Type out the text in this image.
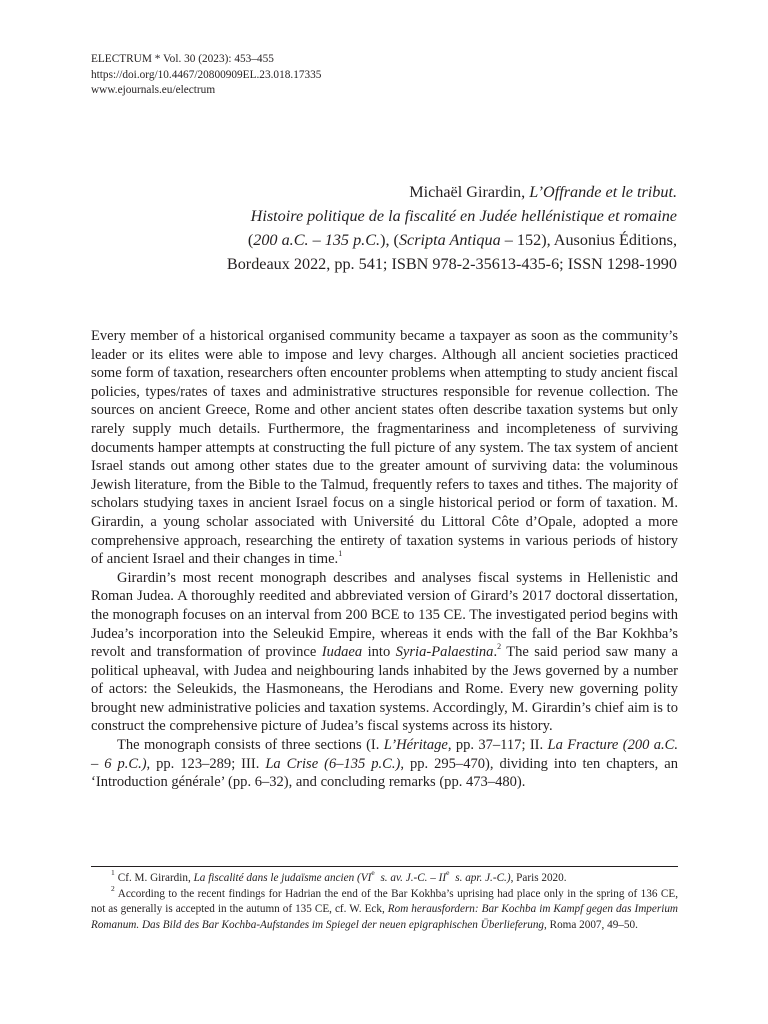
ELECTRUM * Vol. 30 (2023): 453–455
https://doi.org/10.4467/20800909EL.23.018.17335
www.ejournals.eu/electrum
Michaël Girardin, L’Offrande et le tribut.
Histoire politique de la fiscalité en Judée hellénistique et romaine
(200 a.C. – 135 p.C.), (Scripta Antiqua – 152), Ausonius Éditions,
Bordeaux 2022, pp. 541; ISBN 978-2-35613-435-6; ISSN 1298-1990

Every member of a historical organised community became a taxpayer as soon as the community’s leader or its elites were able to impose and levy charges. Although all ancient societies practiced some form of taxation, researchers often encounter problems when attempting to study ancient fiscal policies, types/rates of taxes and administrative structures responsible for revenue collection. The sources on ancient Greece, Rome and other ancient states often describe taxation systems but only rarely supply much details. Furthermore, the fragmentariness and incompleteness of surviving documents hamper attempts at constructing the full picture of any system. The tax system of ancient Israel stands out among other states due to the greater amount of surviving data: the voluminous Jewish literature, from the Bible to the Talmud, frequently refers to taxes and tithes. The majority of scholars studying taxes in ancient Israel focus on a single historical period or form of taxation. M. Girardin, a young scholar associated with Université du Littoral Côte d’Opale, adopted a more comprehensive approach, researching the entirety of taxation systems in various periods of history of ancient Israel and their changes in time.$^1$

Girardin’s most recent monograph describes and analyses fiscal systems in Hellenistic and Roman Judea. A thoroughly reedited and abbreviated version of Girard’s 2017 doctoral dissertation, the monograph focuses on an interval from 200 BCE to 135 CE. The investigated period begins with Judea’s incorporation into the Seleukid Empire, whereas it ends with the fall of the Bar Kokhba’s revolt and transformation of province Iudaea into Syria-Palaestina.$^2$ The said period saw many a political upheaval, with Judea and neighbouring lands inhabited by the Jews governed by a number of actors: the Seleukids, the Hasmoneans, the Herodians and Rome. Every new governing polity brought new administrative policies and taxation systems. Accordingly, M. Girardin’s chief aim is to construct the comprehensive picture of Judea’s fiscal systems across its history.

The monograph consists of three sections (I. L’Héritage, pp. 37–117; II. La Fracture (200 a.C. – 6 p.C.), pp. 123–289; III. La Crise (6–135 p.C.), pp. 295–470), dividing into ten chapters, an ‘Introduction générale’ (pp. 6–32), and concluding remarks (pp. 473–480).

$^1$ Cf. M. Girardin, La fiscalité dans le judaïsme ancien (VIe s. av. J.-C. – IIe s. apr. J.-C.), Paris 2020.

$^2$ According to the recent findings for Hadrian the end of the Bar Kokhba’s uprising had place only in the spring of 136 CE, not as generally is accepted in the autumn of 135 CE, cf. W. Eck, Rom herausfordern: Bar Kochba im Kampf gegen das Imperium Romanum. Das Bild des Bar Kochba-Aufstandes im Spiegel der neuen epigraphischen Überlieferung, Roma 2007, 49–50.
